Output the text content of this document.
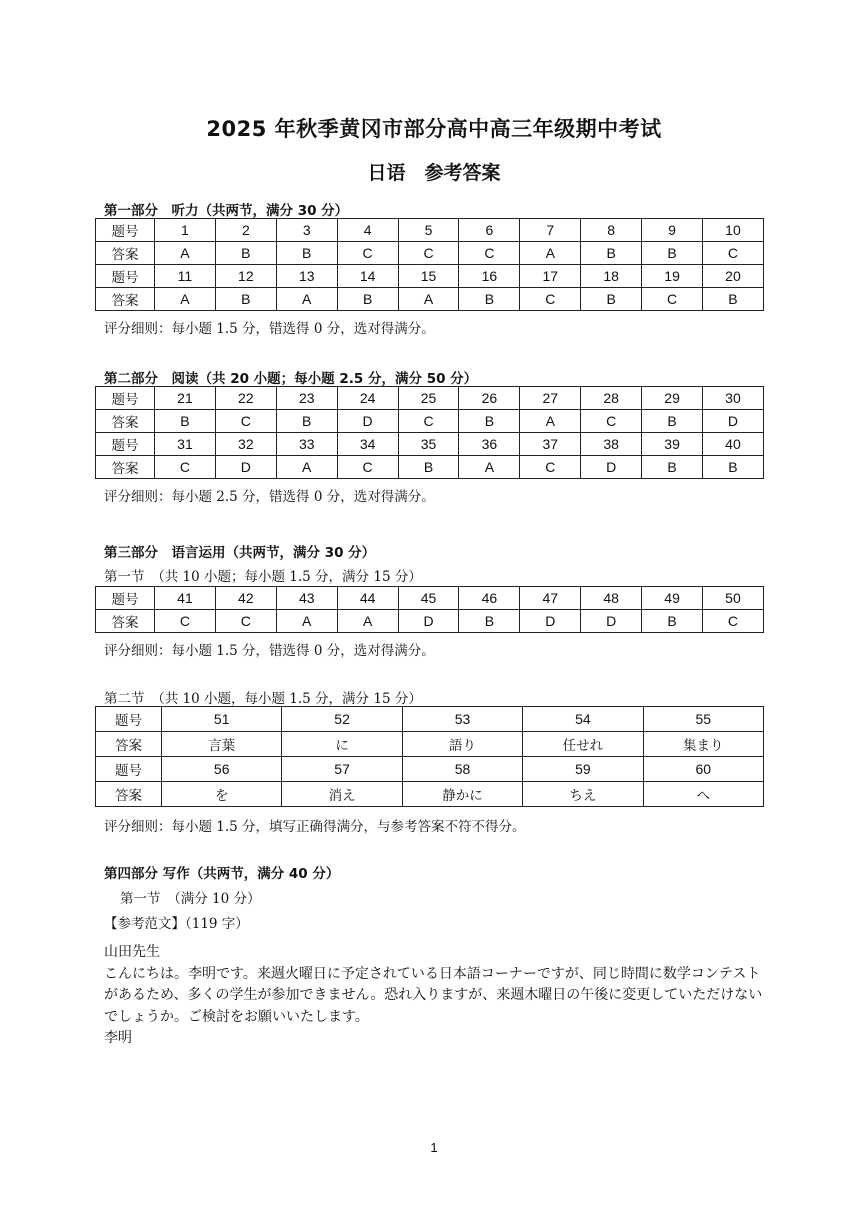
2025 年秋季黄冈市部分高中高三年级期中考试
日语　参考答案
第一部分　听力（共两节，满分 30 分）
题号	1	2	3	4	5	6	7	8	9	10
答案	A	B	B	C	C	C	A	B	B	C
题号	11	12	13	14	15	16	17	18	19	20
答案	A	B	A	B	A	B	C	B	C	B
评分细则：每小题 1.5 分，错选得 0 分，选对得满分。
第二部分　阅读（共 20 小题；每小题 2.5 分，满分 50 分）
题号	21	22	23	24	25	26	27	28	29	30
答案	B	C	B	D	C	B	A	C	B	D
题号	31	32	33	34	35	36	37	38	39	40
答案	C	D	A	C	B	A	C	D	B	B
评分细则：每小题 2.5 分，错选得 0 分，选对得满分。
第三部分　语言运用（共两节，满分 30 分）
第一节　（共 10 小题；每小题 1.5 分，满分 15 分）
题号	41	42	43	44	45	46	47	48	49	50
答案	C	C	A	A	D	B	D	D	B	C
评分细则：每小题 1.5 分，错选得 0 分，选对得满分。
第二节　（共 10 小题，每小题 1.5 分，满分 15 分）
题号	51	52	53	54	55
答案	言葉	に	語り	任せれ	集まり
题号	56	57	58	59	60
答案	を	消え	静かに	ちえ	へ
评分细则：每小题 1.5 分，填写正确得满分，与参考答案不符不得分。
第四部分 写作（共两节，满分 40 分）
第一节　（满分 10 分）
【参考范文】（119 字）
山田先生
こんにちは。李明です。来週火曜日に予定されている日本語コーナーですが、同じ時間に数学コンテストがあるため、多くの学生が参加できません。恐れ入りますが、来週木曜日の午後に変更していただけないでしょうか。ご検討をお願いいたします。
李明
1
